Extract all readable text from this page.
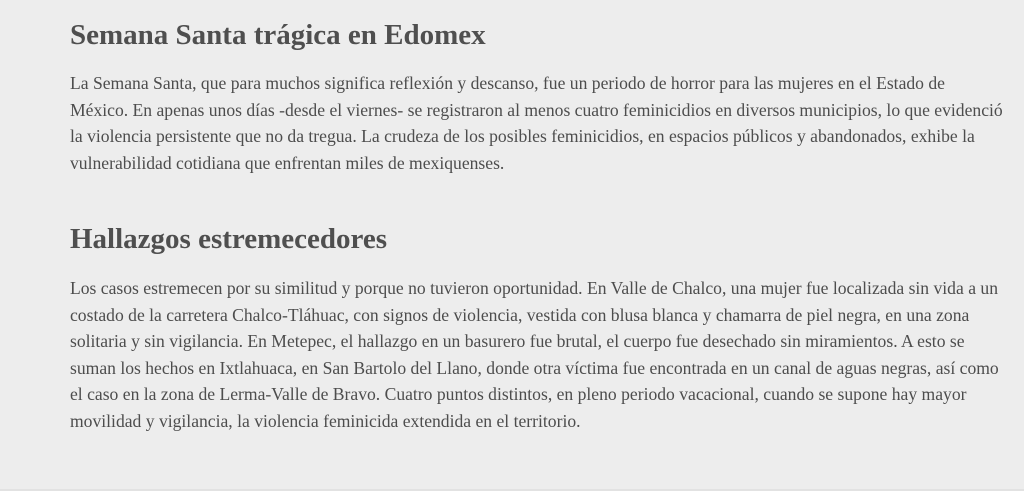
Semana Santa trágica en Edomex

La Semana Santa, que para muchos significa reflexión y descanso, fue un periodo de horror para las mujeres en el Estado de México. En apenas unos días -desde el viernes- se registraron al menos cuatro feminicidios en diversos municipios, lo que evidenció la violencia persistente que no da tregua. La crudeza de los posibles feminicidios, en espacios públicos y abandonados, exhibe la vulnerabilidad cotidiana que enfrentan miles de mexiquenses.

Hallazgos estremecedores

Los casos estremecen por su similitud y porque no tuvieron oportunidad. En Valle de Chalco, una mujer fue localizada sin vida a un costado de la carretera Chalco-Tláhuac, con signos de violencia, vestida con blusa blanca y chamarra de piel negra, en una zona solitaria y sin vigilancia. En Metepec, el hallazgo en un basurero fue brutal, el cuerpo fue desechado sin miramientos. A esto se suman los hechos en Ixtlahuaca, en San Bartolo del Llano, donde otra víctima fue encontrada en un canal de aguas negras, así como el caso en la zona de Lerma-Valle de Bravo. Cuatro puntos distintos, en pleno periodo vacacional, cuando se supone hay mayor movilidad y vigilancia, la violencia feminicida extendida en el territorio.
